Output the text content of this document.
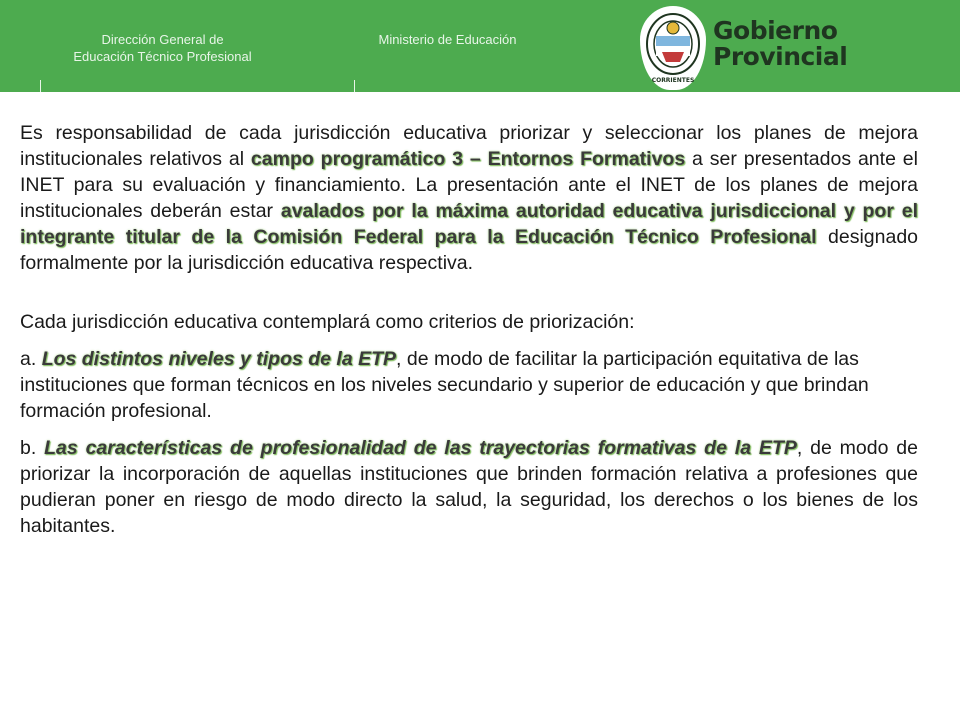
Dirección General de
Educación Técnico Profesional
Ministerio de Educación
CORRIENTES
Gobierno
Provincial

Es responsabilidad de cada jurisdicción educativa priorizar y seleccionar los planes de mejora institucionales relativos al campo programático 3 – Entornos Formativos a ser presentados ante el INET para su evaluación y financiamiento. La presentación ante el INET de los planes de mejora institucionales deberán estar avalados por la máxima autoridad educativa jurisdiccional y por el integrante titular de la Comisión Federal para la Educación Técnico Profesional designado formalmente por la jurisdicción educativa respectiva.

Cada jurisdicción educativa contemplará como criterios de priorización:

a. Los distintos niveles y tipos de la ETP, de modo de facilitar la participación equitativa de las instituciones que forman técnicos en los niveles secundario y superior de educación y que brindan formación profesional.

b. Las características de profesionalidad de las trayectorias formativas de la ETP, de modo de priorizar la incorporación de aquellas instituciones que brinden formación relativa a profesiones que pudieran poner en riesgo de modo directo la salud, la seguridad, los derechos o los bienes de los habitantes.
